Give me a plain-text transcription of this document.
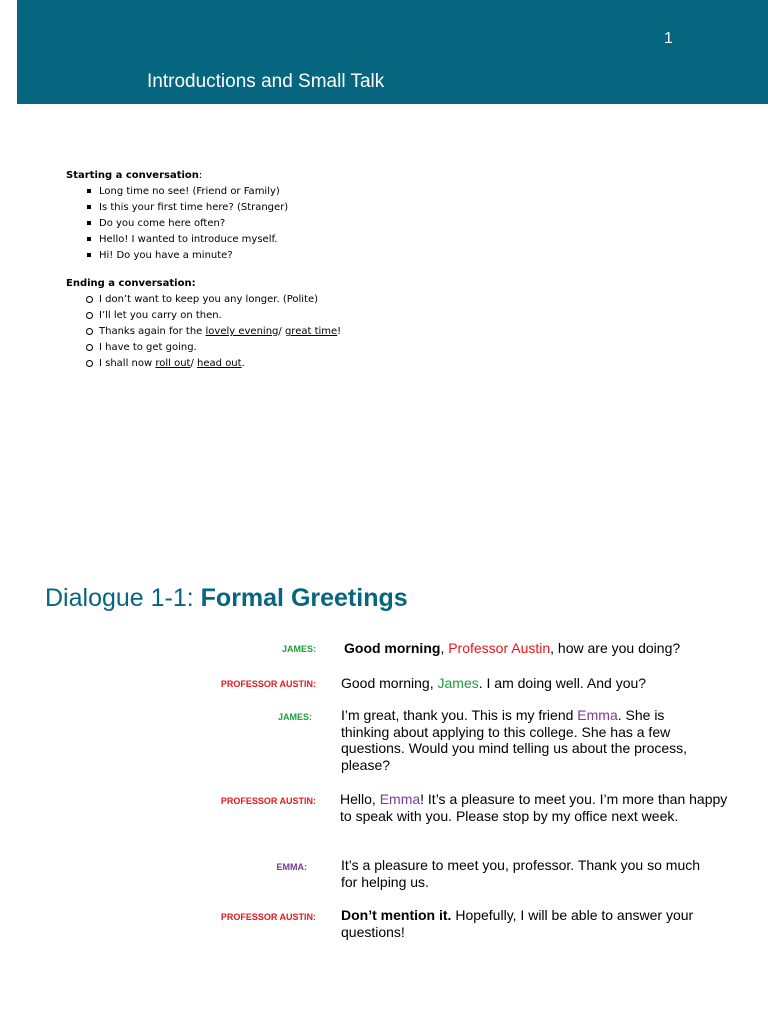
1
Introductions and Small Talk
Starting a conversation:
Long time no see! (Friend or Family)
Is this your first time here? (Stranger)
Do you come here often?
Hello! I wanted to introduce myself.
Hi! Do you have a minute?
Ending a conversation:
I don’t want to keep you any longer. (Polite)
I’ll let you carry on then.
Thanks again for the lovely evening/ great time!
I have to get going.
I shall now roll out/ head out.
Dialogue 1-1: Formal Greetings
JAMES: Good morning, Professor Austin, how are you doing?
PROFESSOR AUSTIN: Good morning, James. I am doing well. And you?
JAMES: I’m great, thank you. This is my friend Emma. She is thinking about applying to this college. She has a few questions. Would you mind telling us about the process, please?
PROFESSOR AUSTIN: Hello, Emma! It’s a pleasure to meet you. I’m more than happy to speak with you. Please stop by my office next week.
EMMA: It’s a pleasure to meet you, professor. Thank you so much for helping us.
PROFESSOR AUSTIN: Don’t mention it. Hopefully, I will be able to answer your questions!
